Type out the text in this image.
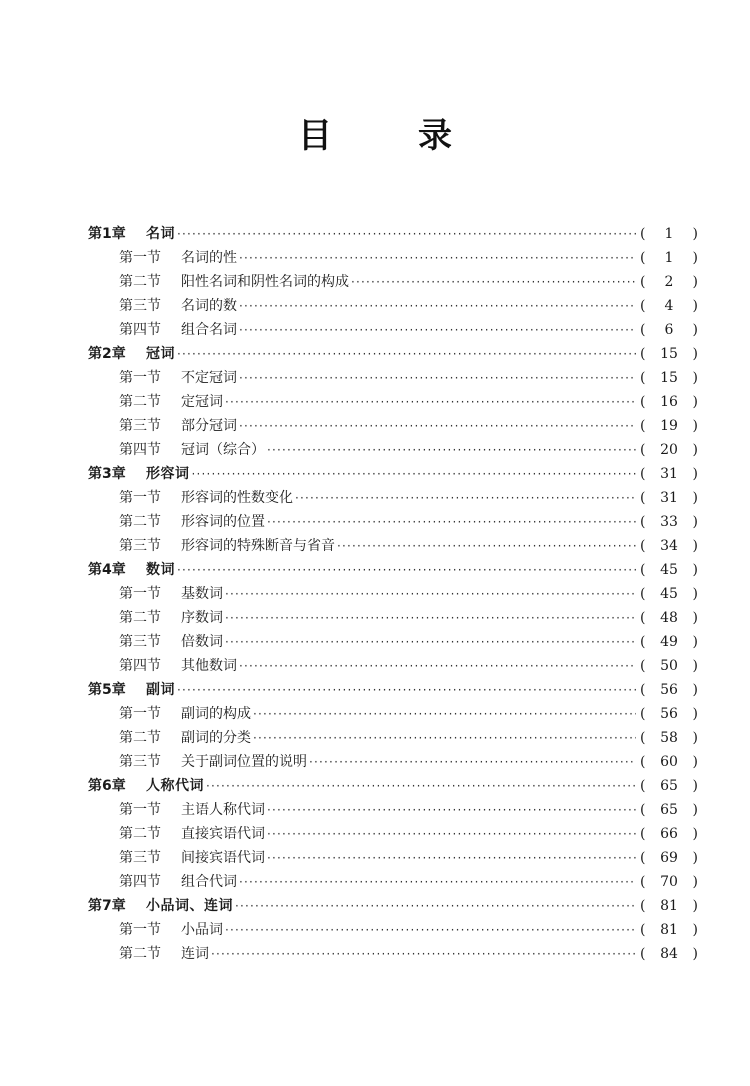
目　录
第1章	名词 ·····	( 1 )
第一节	名词的性 ·····	( 1 )
第二节	阳性名词和阴性名词的构成 ·····	( 2 )
第三节	名词的数 ·····	( 4 )
第四节	组合名词 ·····	( 6 )
第2章	冠词 ·····	( 15 )
第一节	不定冠词 ·····	( 15 )
第二节	定冠词 ·····	( 16 )
第三节	部分冠词 ·····	( 19 )
第四节	冠词（综合） ·····	( 20 )
第3章	形容词 ·····	( 31 )
第一节	形容词的性数变化 ·····	( 31 )
第二节	形容词的位置 ·····	( 33 )
第三节	形容词的特殊断音与省音 ·····	( 34 )
第4章	数词 ·····	( 45 )
第一节	基数词 ·····	( 45 )
第二节	序数词 ·····	( 48 )
第三节	倍数词 ·····	( 49 )
第四节	其他数词 ·····	( 50 )
第5章	副词 ·····	( 56 )
第一节	副词的构成 ·····	( 56 )
第二节	副词的分类 ·····	( 58 )
第三节	关于副词位置的说明 ·····	( 60 )
第6章	人称代词 ·····	( 65 )
第一节	主语人称代词 ·····	( 65 )
第二节	直接宾语代词 ·····	( 66 )
第三节	间接宾语代词 ·····	( 69 )
第四节	组合代词 ·····	( 70 )
第7章	小品词、连词 ·····	( 81 )
第一节	小品词 ·····	( 81 )
第二节	连词 ·····	( 84 )
